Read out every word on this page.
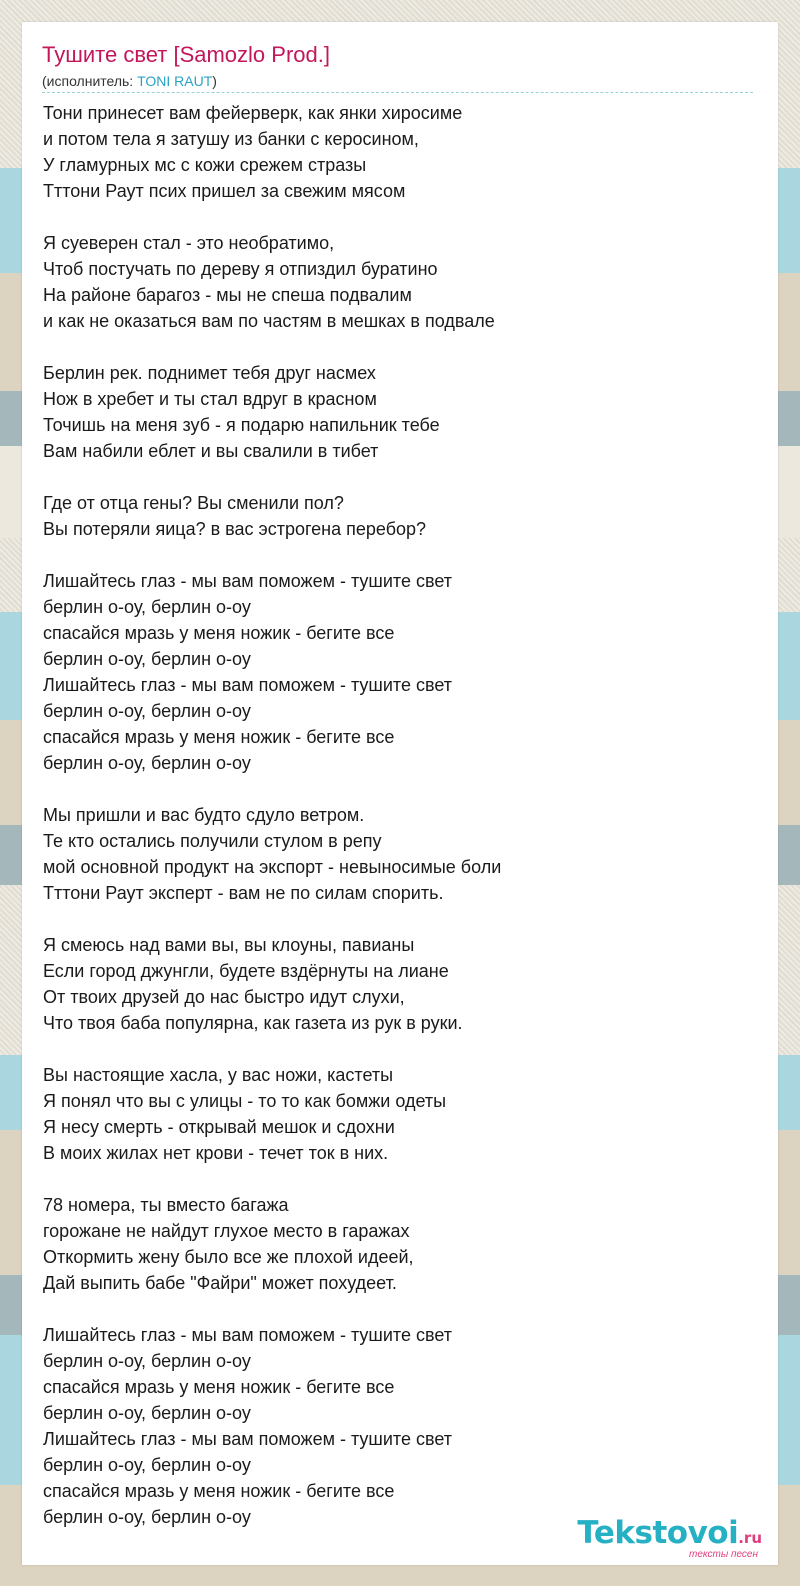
Тушите свет [Samozlo Prod.]
(исполнитель: TONI RAUT)
Тони принесет вам фейерверк, как янки хиросиме
и потом тела я затушу из банки с керосином,
У гламурных мс с кожи срежем стразы
Тттони Раут псих пришел за свежим мясом
Я суеверен стал - это необратимо,
Чтоб постучать по дереву я отпиздил буратино
На районе барагоз - мы не спеша подвалим
и как не оказаться вам по частям в мешках в подвале
Берлин рек. поднимет тебя друг насмех
Нож в хребет и ты стал вдруг в красном
Точишь на меня зуб - я подарю напильник тебе
Вам набили еблет и вы свалили в тибет
Где от отца гены? Вы сменили пол?
Вы потеряли яица? в вас эстрогена перебор?
Лишайтесь глаз - мы вам поможем - тушите свет
берлин о-оу, берлин о-оу
спасайся мразь у меня ножик - бегите все
берлин о-оу, берлин о-оу
Лишайтесь глаз - мы вам поможем - тушите свет
берлин о-оу, берлин о-оу
спасайся мразь у меня ножик - бегите все
берлин о-оу, берлин о-оу
Мы пришли и вас будто сдуло ветром.
Те кто остались получили стулом в репу
мой основной продукт на экспорт - невыносимые боли
Тттони Раут эксперт - вам не по силам спорить.
Я смеюсь над вами вы, вы клоуны, павианы
Если город джунгли, будете вздёрнуты на лиане
От твоих друзей до нас быстро идут слухи,
Что твоя баба популярна, как газета из рук в руки.
Вы настоящие хасла, у вас ножи, кастеты
Я понял что вы с улицы - то то как бомжи одеты
Я несу смерть - открывай мешок и сдохни
В моих жилах нет крови - течет ток в них.
78 номера, ты вместо багажа
горожане не найдут глухое место в гаражах
Откормить жену было все же плохой идеей,
Дай выпить бабе "Файри" может похудеет.
Лишайтесь глаз - мы вам поможем - тушите свет
берлин о-оу, берлин о-оу
спасайся мразь у меня ножик - бегите все
берлин о-оу, берлин о-оу
Лишайтесь глаз - мы вам поможем - тушите свет
берлин о-оу, берлин о-оу
спасайся мразь у меня ножик - бегите все
берлин о-оу, берлин о-оу	Tekstovoi.ru
тексты песен
